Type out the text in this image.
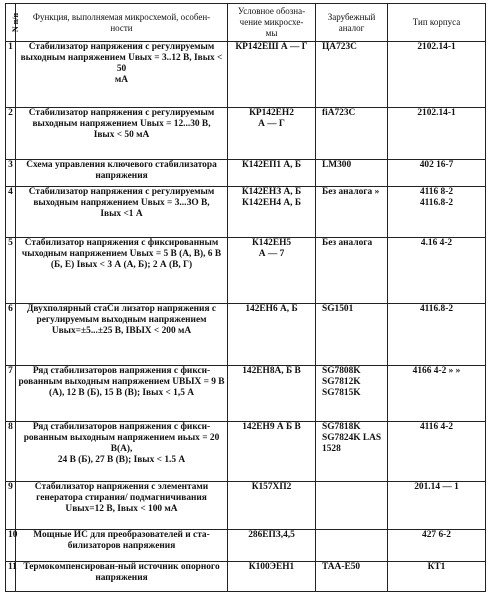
N п/п	Функция, выполняемая микросхемой, особен-
ности	Условное обозна-
чение микросхе-
мы	Зарубежный
аналог	Тип корпуса

1	Стабилизатор напряжения с регулируемым
выходным напряжением Uвых = 3..12 В, Iвых < 50
мА	КР142ЕШ А — Г	ЦА723С	2102.14-1

2	Стабилизатор напряжения с регулируемым
выходным напряжением Uвых = 12...30 В,
Iвых < 50 мА	КР142ЕН2
А — Г	fiA723C	2102.14-1

3	Схема управления ключевого стабилизатора
напряжения	К142ЕП1 А, Б	LM300	402 16-7

4	Стабилизатор напряжения с регулируемым
выходным напряжением Uвых = 3...ЗО В,
Iвых <1 А	К142ЕНЗ А, Б
К142ЕН4 А, Б	Без аналога »	4116 8-2
4116.8-2

5	Стабилизатор напряжения с фиксированным
чыходным напряжением Uвых = 5 В (А, В), 6 В
(Б, Е) Iвых < 3 А (А, Б); 2 А (В, Г)	К142ЕН5
А — 7	Без аналога	4.16 4-2

6	Двухполярный стаСи лизатор напряжения с
регулируемым выходным напряжением
Uвых=±5...±25 В, IВЫХ < 200 мА	142ЕН6 А, Б	SG1501	4116.8-2

7	Ряд стабилизаторов напряжения с фикси-
рованным выходным напряжением UВЫХ = 9 В
(А), 12 В (Б), 15 В (В); Iвых < 1,5 А	142ЕН8А, Б В	SG7808K
SG7812K
SG7815K	4166 4-2 » »

8	Ряд стабилизаторов напряжения с фикси-
рованным выходным напряжением иьых = 20
В(А),
24 В (Б), 27 В (В); Iвых < 1.5 А	142ЕН9 А Б В	SG7818K
SG7824K LAS
1528	4116 4-2

9	Стабилизатор напряжения с элементами
генератора стирания/ подмагничивания
Uвых=12 В, Iвых < 100 мА	К157ХП2		201.14 — 1

10	Мощные ИС для преобразователей и ста-
билизаторов напряжения	286ЕПЗ,4,5		427 6-2

11	Термокомпенсирован-ный источник опорного
напряжения	К100ЭЕН1	ТАА-Е50	КТ1
